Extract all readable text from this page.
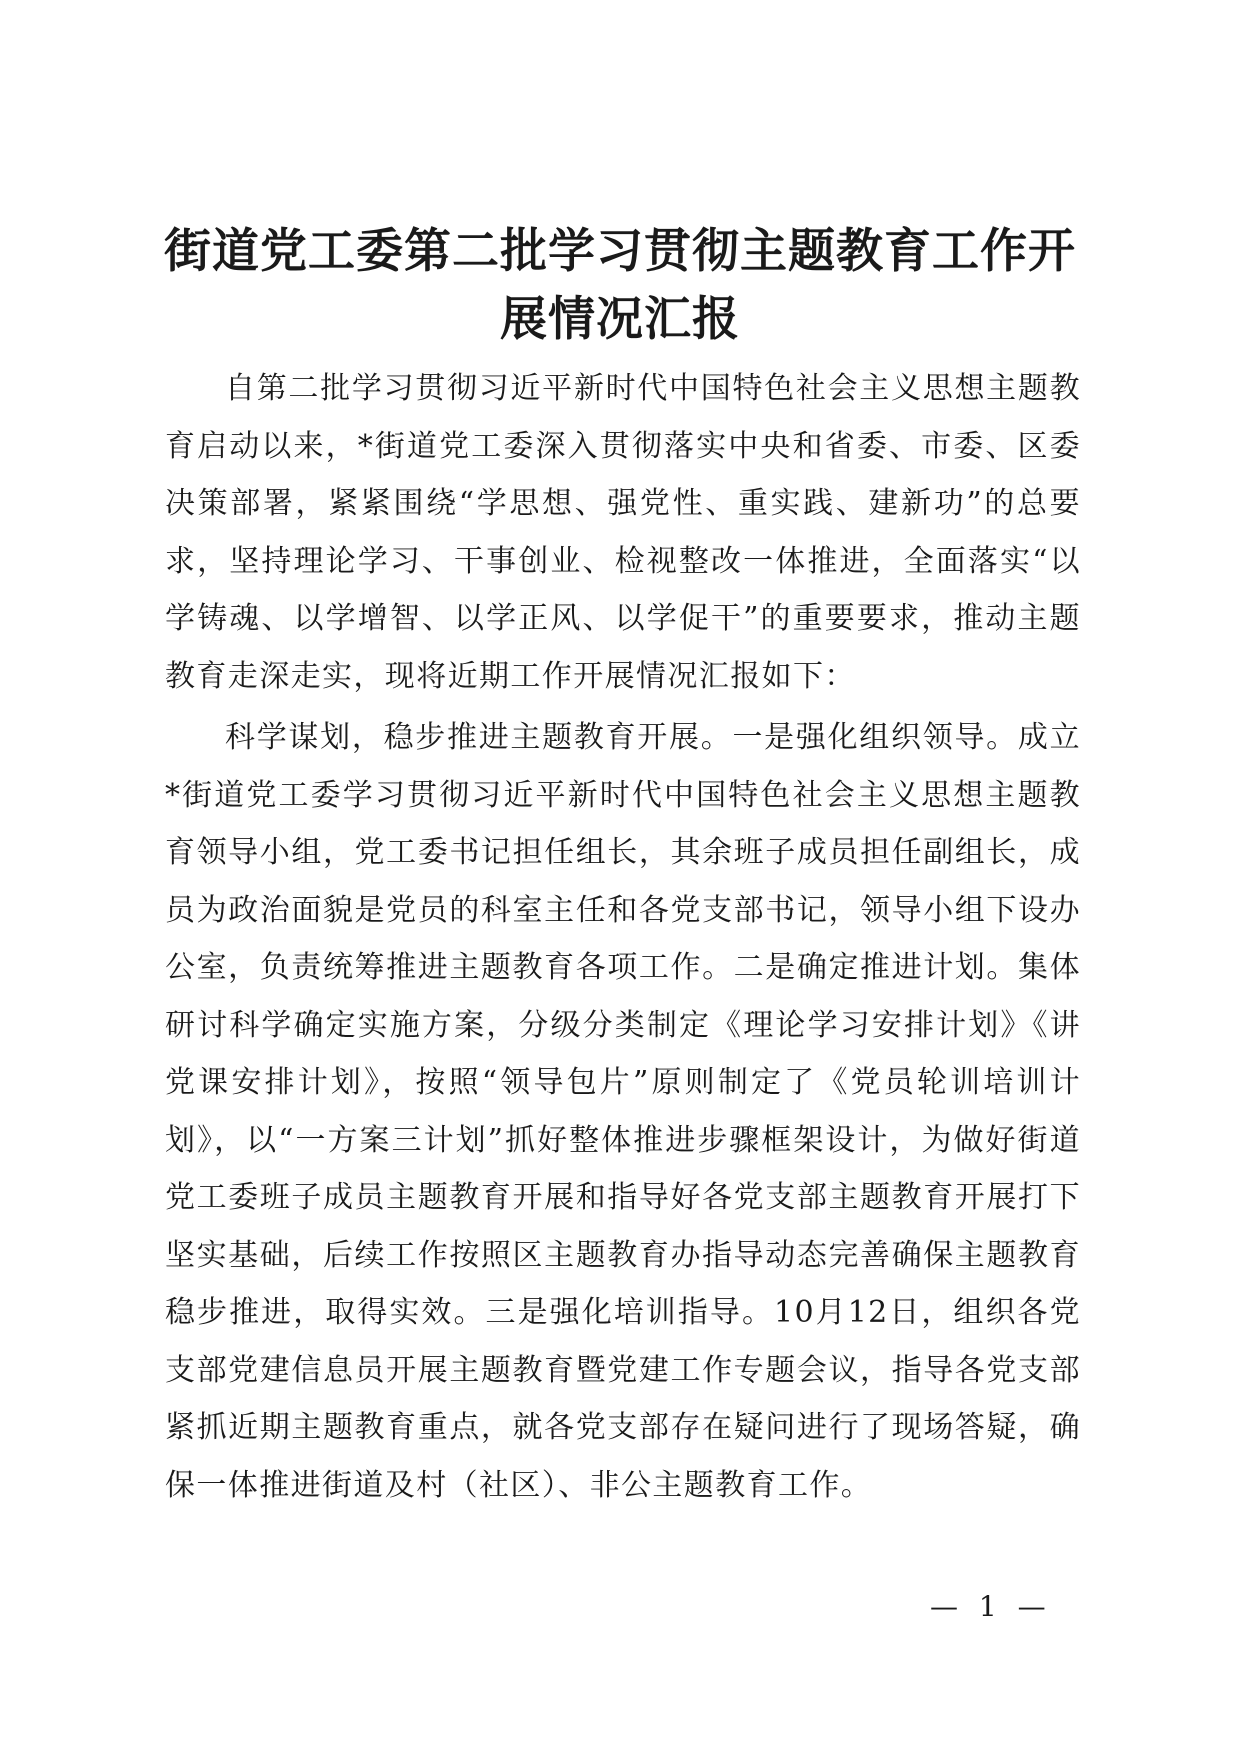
街道党工委第二批学习贯彻主题教育工作开展情况汇报

自第二批学习贯彻习近平新时代中国特色社会主义思想主题教育启动以来，*街道党工委深入贯彻落实中央和省委、市委、区委决策部署，紧紧围绕“学思想、强党性、重实践、建新功”的总要求，坚持理论学习、干事创业、检视整改一体推进，全面落实“以学铸魂、以学增智、以学正风、以学促干”的重要要求，推动主题教育走深走实，现将近期工作开展情况汇报如下：

科学谋划，稳步推进主题教育开展。一是强化组织领导。成立*街道党工委学习贯彻习近平新时代中国特色社会主义思想主题教育领导小组，党工委书记担任组长，其余班子成员担任副组长，成员为政治面貌是党员的科室主任和各党支部书记，领导小组下设办公室，负责统筹推进主题教育各项工作。二是确定推进计划。集体研讨科学确定实施方案，分级分类制定《理论学习安排计划》《讲党课安排计划》，按照“领导包片”原则制定了《党员轮训培训计划》，以“一方案三计划”抓好整体推进步骤框架设计，为做好街道党工委班子成员主题教育开展和指导好各党支部主题教育开展打下坚实基础，后续工作按照区主题教育办指导动态完善确保主题教育稳步推进，取得实效。三是强化培训指导。10月12日，组织各党支部党建信息员开展主题教育暨党建工作专题会议，指导各党支部紧抓近期主题教育重点，就各党支部存在疑问进行了现场答疑，确保一体推进街道及村（社区）、非公主题教育工作。

— 1 —
